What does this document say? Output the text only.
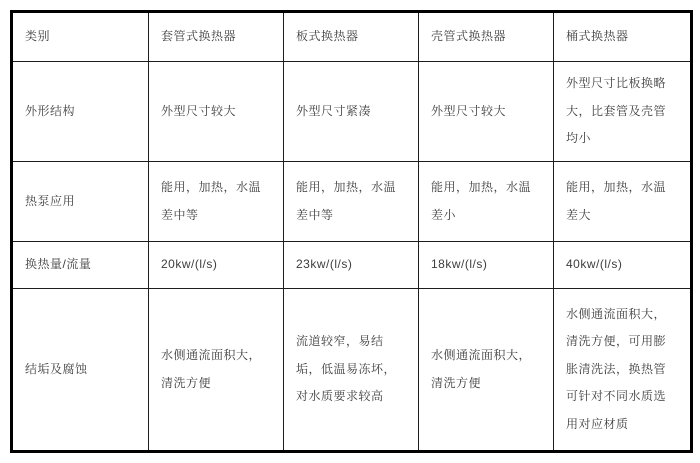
类别	套管式换热器	板式换热器	壳管式换热器	桶式换热器
外形结构	外型尺寸较大	外型尺寸紧凑	外型尺寸较大	外型尺寸比板换略大，比套管及壳管均小
热泵应用	能用，加热，水温差中等	能用，加热，水温差中等	能用，加热，水温差小	能用，加热，水温差大
换热量/流量	20kw/(l/s)	23kw/(l/s)	18kw/(l/s)	40kw/(l/s)
结垢及腐蚀	水侧通流面积大，清洗方便	流道较窄，易结垢，低温易冻坏，对水质要求较高	水侧通流面积大，清洗方便	水侧通流面积大，清洗方便，可用膨胀清洗法，换热管可针对不同水质选用对应材质
